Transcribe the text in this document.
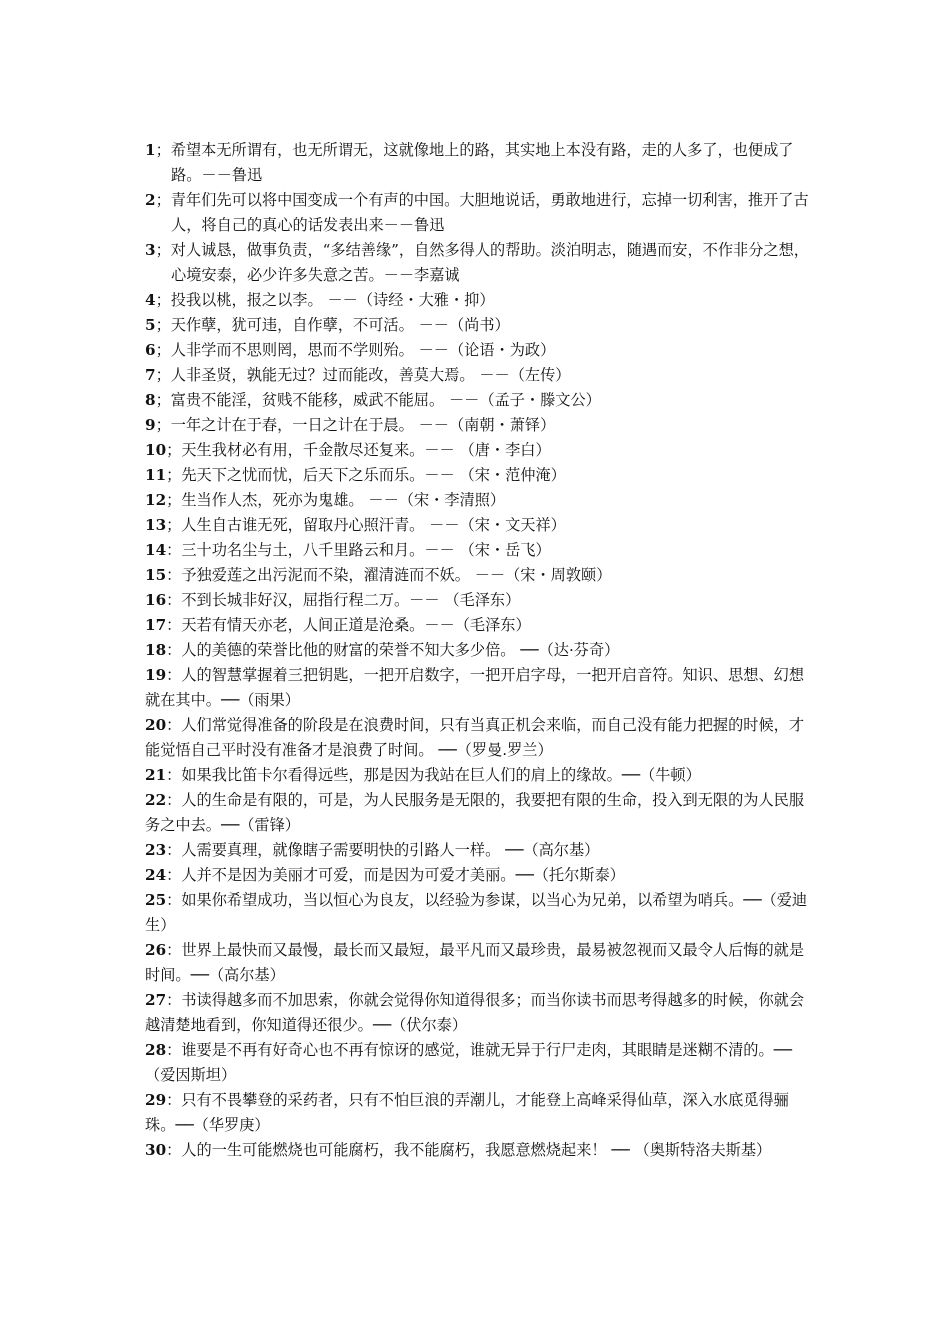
1；希望本无所谓有，也无所谓无，这就像地上的路，其实地上本没有路，走的人多了，也便成了路。－－鲁迅
2；青年们先可以将中国变成一个有声的中国。大胆地说话，勇敢地进行，忘掉一切利害，推开了古人，将自己的真心的话发表出来－－鲁迅
3；对人诚恳，做事负责，“多结善缘”，自然多得人的帮助。淡泊明志，随遇而安，不作非分之想，心境安泰，必少许多失意之苦。－－李嘉诚
4；投我以桃，报之以李。 －－（诗经・大雅・抑）
5；天作孽，犹可违，自作孽，不可活。 －－（尚书）
6；人非学而不思则罔，思而不学则殆。 －－（论语・为政）
7；人非圣贤，孰能无过？过而能改，善莫大焉。 －－（左传）
8；富贵不能淫，贫贱不能移，威武不能屈。 －－（孟子・滕文公）
9；一年之计在于春，一日之计在于晨。 －－（南朝・萧铎）
10；天生我材必有用，千金散尽还复来。－－ （唐・李白）
11；先天下之忧而忧，后天下之乐而乐。－－ （宋・范仲淹）
12；生当作人杰，死亦为鬼雄。 －－（宋・李清照）
13；人生自古谁无死，留取丹心照汗青。 －－（宋・文天祥）
14：三十功名尘与土，八千里路云和月。－－ （宋・岳飞）
15：予独爱莲之出污泥而不染，濯清涟而不妖。 －－（宋・周敦颐）
16：不到长城非好汉，屈指行程二万。－－ （毛泽东）
17：天若有情天亦老，人间正道是沧桑。－－（毛泽东）
18：人的美德的荣誉比他的财富的荣誉不知大多少倍。 ──（达·芬奇）
19：人的智慧掌握着三把钥匙，一把开启数字，一把开启字母，一把开启音符。知识、思想、幻想就在其中。──（雨果）
20：人们常觉得准备的阶段是在浪费时间，只有当真正机会来临，而自己没有能力把握的时候，才能觉悟自己平时没有准备才是浪费了时间。 ──（罗曼.罗兰）
21：如果我比笛卡尔看得远些，那是因为我站在巨人们的肩上的缘故。──（牛顿）
22：人的生命是有限的，可是，为人民服务是无限的，我要把有限的生命，投入到无限的为人民服务之中去。──（雷锋）
23：人需要真理，就像瞎子需要明快的引路人一样。 ──（高尔基）
24：人并不是因为美丽才可爱，而是因为可爱才美丽。──（托尔斯泰）
25：如果你希望成功，当以恒心为良友，以经验为参谋，以当心为兄弟，以希望为哨兵。──（爱迪生）
26：世界上最快而又最慢，最长而又最短，最平凡而又最珍贵，最易被忽视而又最令人后悔的就是时间。──（高尔基）
27：书读得越多而不加思索，你就会觉得你知道得很多；而当你读书而思考得越多的时候，你就会越清楚地看到，你知道得还很少。──（伏尔泰）
28：谁要是不再有好奇心也不再有惊讶的感觉，谁就无异于行尸走肉，其眼睛是迷糊不清的。──（爱因斯坦）
29：只有不畏攀登的采药者，只有不怕巨浪的弄潮儿，才能登上高峰采得仙草，深入水底觅得骊珠。──（华罗庚）
30：人的一生可能燃烧也可能腐朽，我不能腐朽，我愿意燃烧起来！ ── （奥斯特洛夫斯基）
